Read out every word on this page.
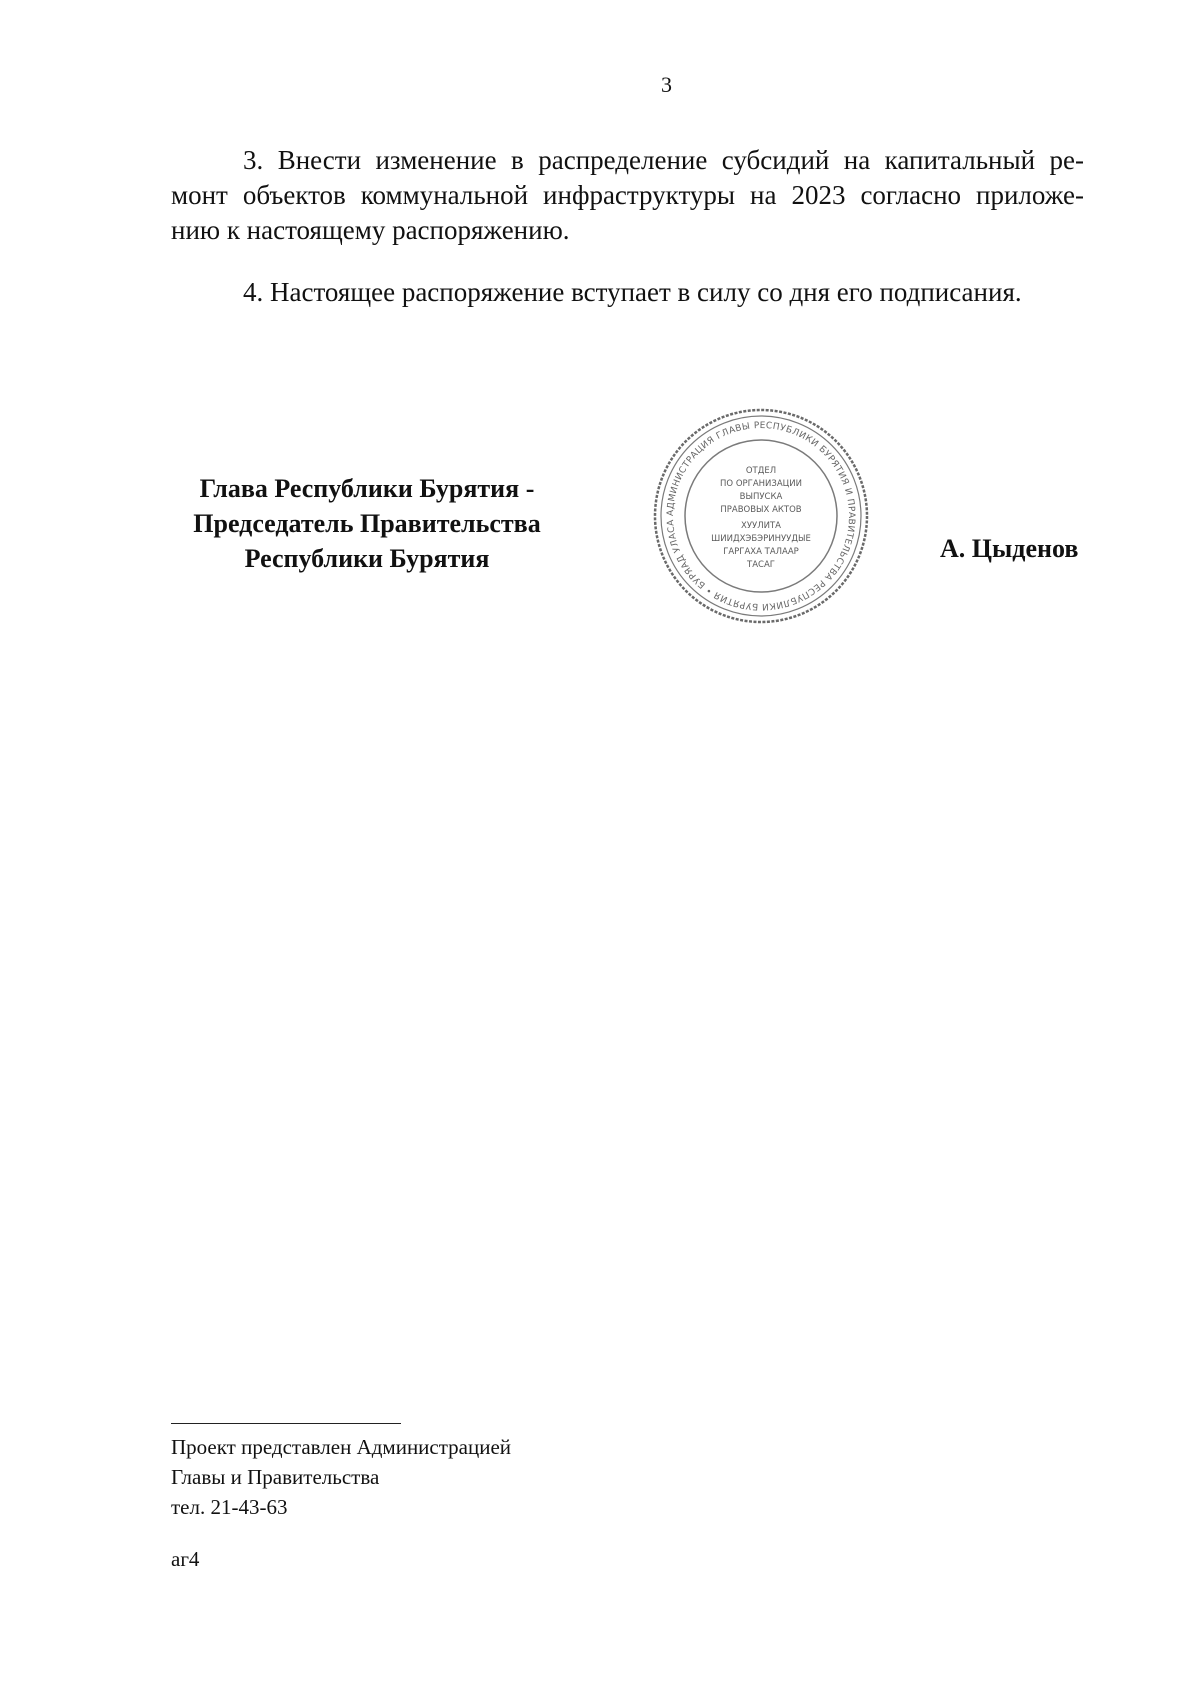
3

3. Внести изменение в распределение субсидий на капитальный ре-
монт объектов коммунальной инфраструктуры на 2023 согласно приложе-
нию к настоящему распоряжению.

4. Настоящее распоряжение вступает в силу со дня его подписания.

Глава Республики Бурятия -
Председатель Правительства
Республики Бурятия
АДМИНИСТРАЦИЯ ГЛАВЫ РЕСПУБЛИКИ БУРЯТИЯ И ПРАВИТЕЛЬСТВА РЕСПУБЛИКИ БУРЯТИЯ • БУРЯАД УЛАСА
ОТДЕЛ
ПО ОРГАНИЗАЦИИ
ВЫПУСКА
ПРАВОВЫХ АКТОВ
ХУУЛИТА
ШИИДХЭБЭРИНУУДЫЕ
ГАРГАХА ТАЛААР
ТАСАГ
А. Цыденов
Проект представлен Администрацией
Главы и Правительства
тел. 21-43-63
аг4
